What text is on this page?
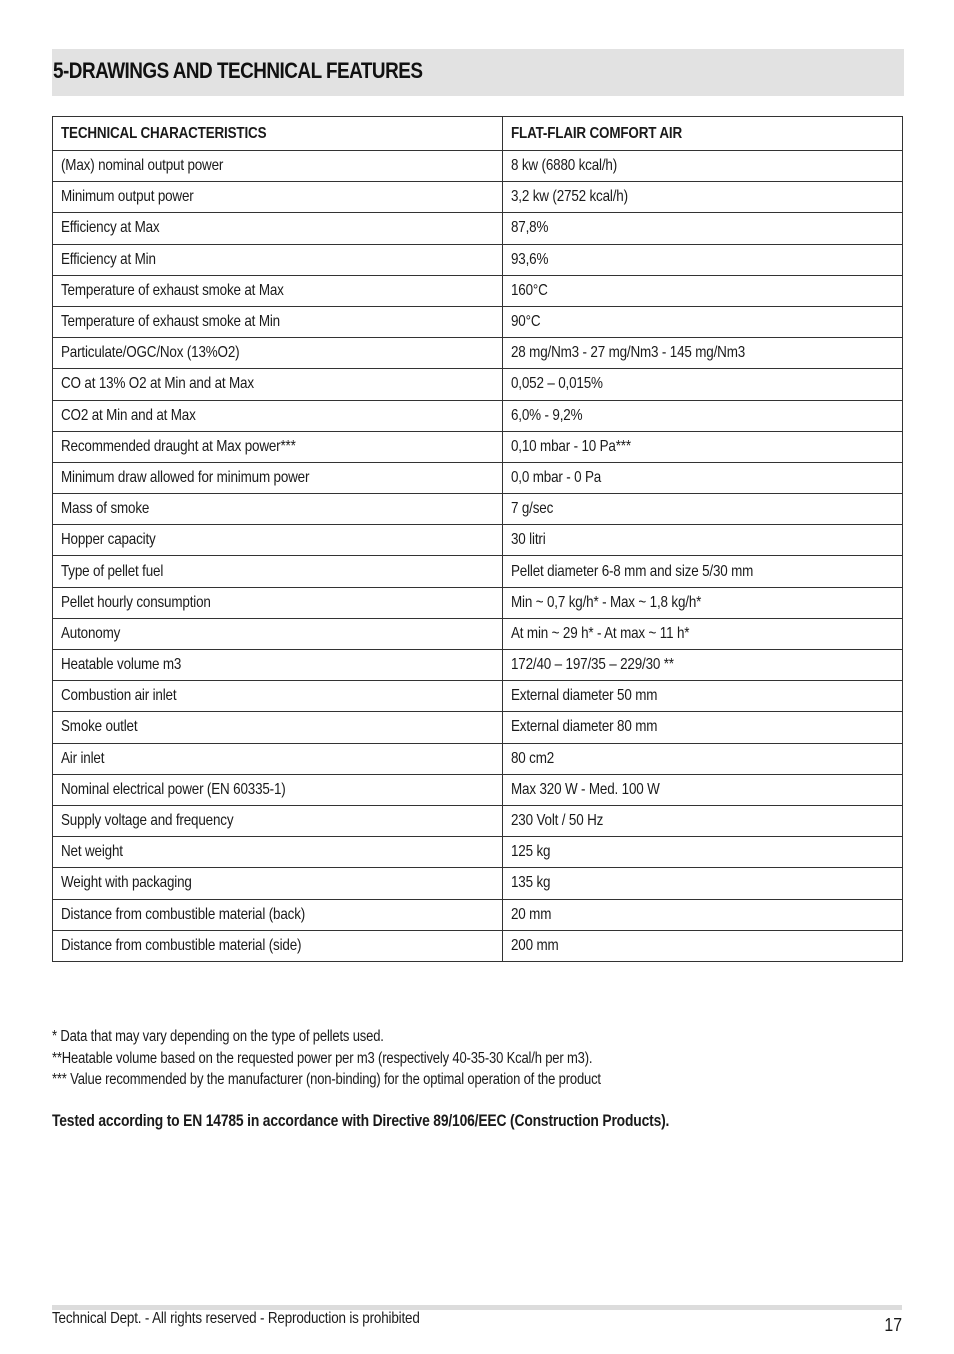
5-DRAWINGS AND TECHNICAL FEATURES
TECHNICAL CHARACTERISTICS	FLAT-FLAIR COMFORT AIR
(Max) nominal output power	8 kw (6880 kcal/h)
Minimum output power	3,2 kw (2752 kcal/h)
Efficiency at Max	87,8%
Efficiency at Min	93,6%
Temperature of exhaust smoke at Max	160°C
Temperature of exhaust smoke at Min	90°C
Particulate/OGC/Nox (13%O2)	28 mg/Nm3 - 27 mg/Nm3 - 145 mg/Nm3
CO at 13% O2 at Min and at Max	0,052 – 0,015%
CO2 at Min and at Max	6,0% - 9,2%
Recommended draught at Max power***	0,10 mbar - 10 Pa***
Minimum draw allowed for minimum power	0,0 mbar - 0 Pa
Mass of smoke	7 g/sec
Hopper capacity	30 litri
Type of pellet fuel	Pellet diameter 6-8 mm and size 5/30 mm
Pellet hourly consumption	Min ~ 0,7 kg/h* - Max ~ 1,8 kg/h*
Autonomy	At min ~ 29 h* - At max ~ 11 h*
Heatable volume m3	172/40 – 197/35 – 229/30 **
Combustion air inlet	External diameter 50 mm
Smoke outlet	External diameter 80 mm
Air inlet	80 cm2
Nominal electrical power (EN 60335-1)	Max 320 W - Med. 100 W
Supply voltage and frequency	230 Volt / 50 Hz
Net weight	125 kg
Weight with packaging	135 kg
Distance from combustible material (back)	20 mm
Distance from combustible material (side)	200 mm
* Data that may vary depending on the type of pellets used.
**Heatable volume based on the requested power per m3 (respectively 40-35-30 Kcal/h per m3).
*** Value recommended by the manufacturer (non-binding) for the optimal operation of the product
Tested according to EN 14785 in accordance with Directive 89/106/EEC (Construction Products).
Technical Dept. - All rights reserved - Reproduction is prohibited	17
